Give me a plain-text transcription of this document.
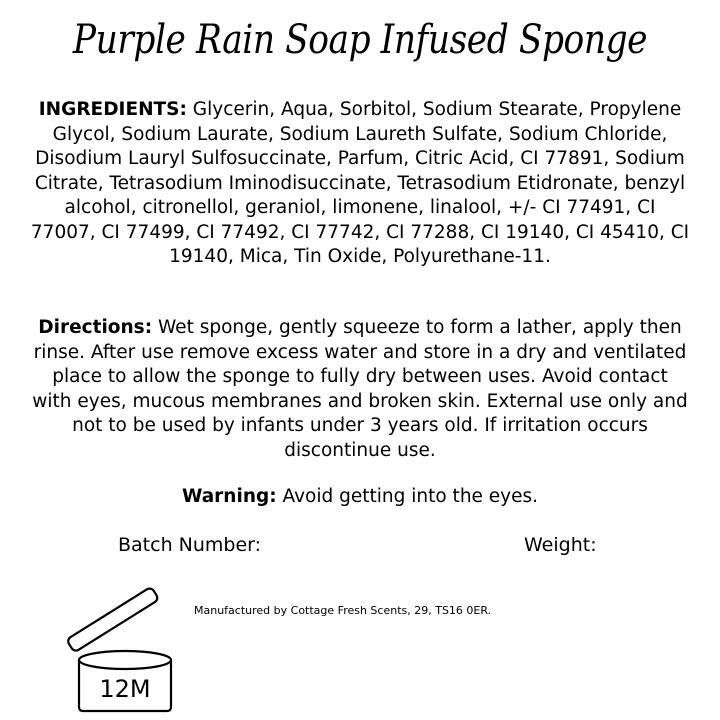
Purple Rain Soap Infused Sponge
INGREDIENTS: Glycerin, Aqua, Sorbitol, Sodium Stearate, Propylene Glycol, Sodium Laurate, Sodium Laureth Sulfate, Sodium Chloride, Disodium Lauryl Sulfosuccinate, Parfum, Citric Acid, CI 77891, Sodium Citrate, Tetrasodium Iminodisuccinate, Tetrasodium Etidronate, benzyl alcohol, citronellol, geraniol, limonene, linalool, +/- CI 77491, CI 77007, CI 77499, CI 77492, CI 77742, CI 77288, CI 19140, CI 45410, CI 19140, Mica, Tin Oxide, Polyurethane-11.
Directions: Wet sponge, gently squeeze to form a lather, apply then rinse. After use remove excess water and store in a dry and ventilated place to allow the sponge to fully dry between uses. Avoid contact with eyes, mucous membranes and broken skin. External use only and not to be used by infants under 3 years old. If irritation occurs discontinue use.
Warning: Avoid getting into the eyes.
Batch Number:	Weight:
Manufactured by Cottage Fresh Scents, 29, TS16 0ER.
12M
